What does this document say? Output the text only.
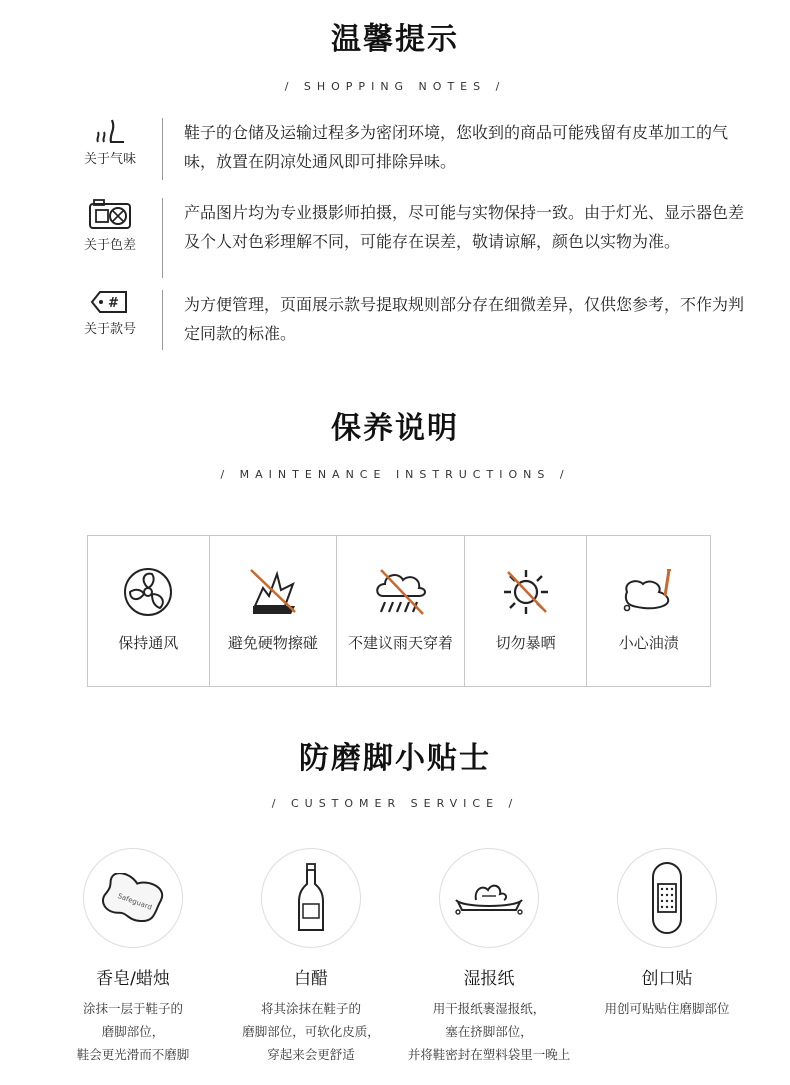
温馨提示
/ SHOPPING NOTES /
关于气味
鞋子的仓储及运输过程多为密闭环境，您收到的商品可能残留有皮革加工的气味，放置在阴凉处通风即可排除异味。
关于色差
产品图片均为专业摄影师拍摄，尽可能与实物保持一致。由于灯光、显示器色差及个人对色彩理解不同，可能存在误差，敬请谅解，颜色以实物为准。
#
关于款号
为方便管理，页面展示款号提取规则部分存在细微差异，仅供您参考，不作为判定同款的标准。
保养说明
/ MAINTENANCE INSTRUCTIONS /
保持通风	避免硬物擦碰	不建议雨天穿着	切勿暴晒	小心油渍
防磨脚小贴士
/ CUSTOMER SERVICE /
Safeguard
香皂/蜡烛
涂抹一层于鞋子的
磨脚部位，
鞋会更光滑而不磨脚
白醋
将其涂抹在鞋子的
磨脚部位，可软化皮质，
穿起来会更舒适
湿报纸
用干报纸裹湿报纸，
塞在挤脚部位，
并将鞋密封在塑料袋里一晚上
创口贴
用创可贴贴住磨脚部位
